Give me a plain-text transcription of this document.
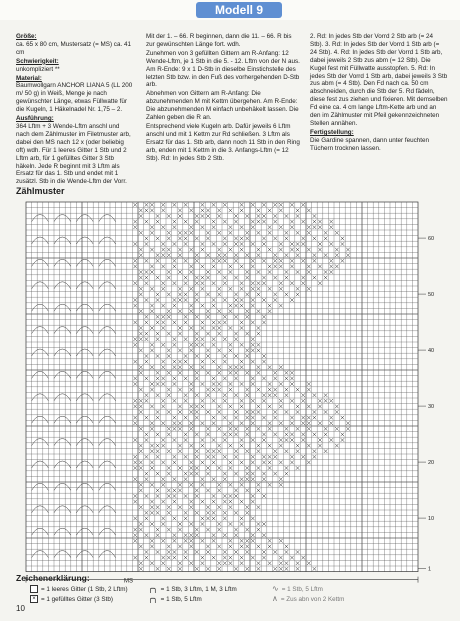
Modell 9

Größe:
ca. 65 x 80 cm, Mustersatz (= MS) ca. 41 cm

Schwierigkeit:
unkompliziert **

Material:
Baumwollgarn ANCHOR LIANA 5 (LL 200 m/ 50 g) in Weiß, Menge je nach gewünschter Länge, etwas Füllwatte für die Kugeln, 1 Häkelnadel Nr. 1,75 – 2.

Ausführung:
364 Lftm + 3 Wende-Lftm anschl und nach dem Zählmuster im Filetmuster arb, dabei den MS nach 12 x (oder beliebig oft) wdh. Für 1 leeres Gitter 1 Stb und 2 Lftm arb, für 1 gefülltes Gitter 3 Stb häkeln. Jede R beginnt mit 3 Lftm als Ersatz für das 1. Stb und endet mit 1 zusätzl. Stb in die Wende-Lftm der Vorr.

Mit der 1. – 66. R beginnen, dann die 11. – 66. R bis zur gewünschten Länge fort. wdh.

Zunehmen von 3 gefüllten Gittern am R-Anfang: 12 Wende-Lftm, je 1 Stb in die 5. - 12. Lftm von der N aus. Am R-Ende: 9 x 1 D-Stb in dieselbe Einstichstelle des letzten Stb bzw. in den Fuß des vorhergehenden D-Stb arb.

Abnehmen von Gittern am R-Anfang: Die abzunehmenden M mit Kettm übergehen. Am R-Ende: Die abzunehmenden M einfach unbehäkelt lassen. Die Zahlen geben die R an.

Entsprechend viele Kugeln arb. Dafür jeweils 6 Lftm anschl und mit 1 Kettm zur Rd schließen. 3 Lftm als Ersatz für das 1. Stb arb, dann noch 11 Stb in den Ring arb, enden mit 1 Kettm in die 3. Anfangs-Lftm (= 12 Stb). Rd: In jedes Stb 2 Stb.

2. Rd: In jedes Stb der Vorrd 2 Stb arb (= 24 Stb). 3. Rd: In jedes Stb der Vorrd 1 Stb arb (= 24 Stb). 4. Rd: In jedes Stb der Vorrd 1 Stb arb, dabei jeweils 2 Stb zus abm (= 12 Stb). Die Kugel fest mit Füllwatte ausstopfen. 5. Rd: In jedes Stb der Vorrd 1 Stb arb, dabei jeweils 3 Stb zus abm (= 4 Stb). Den Fd nach ca. 50 cm abschneiden, durch die Stb der 5. Rd fädeln, diese fest zus ziehen und fixieren. Mit demselben Fd eine ca. 4 cm lange Lftm-Kette arb und an den im Zählmuster mit Pfeil gekennzeichneten Stellen annähen.

Fertigstellung:
Die Gardine spannen, dann unter feuchten Tüchern trocknen lassen.

Zählmuster
60
50
40
30
20
10
1
MS
Zeichenerklärung:
= 1 leeres Gitter (1 Stb, 2 Lftm)
× = 1 gefülltes Gitter (3 Stb)
╭╮ = 1 Stb, 3 Lftm, 1 M, 3 Lftm
╭╮ = 1 Stb, 5 Lftm
∿ = 1 Stb, 5 Lftm
∧ = Zus abn von 2 Kettm
10
